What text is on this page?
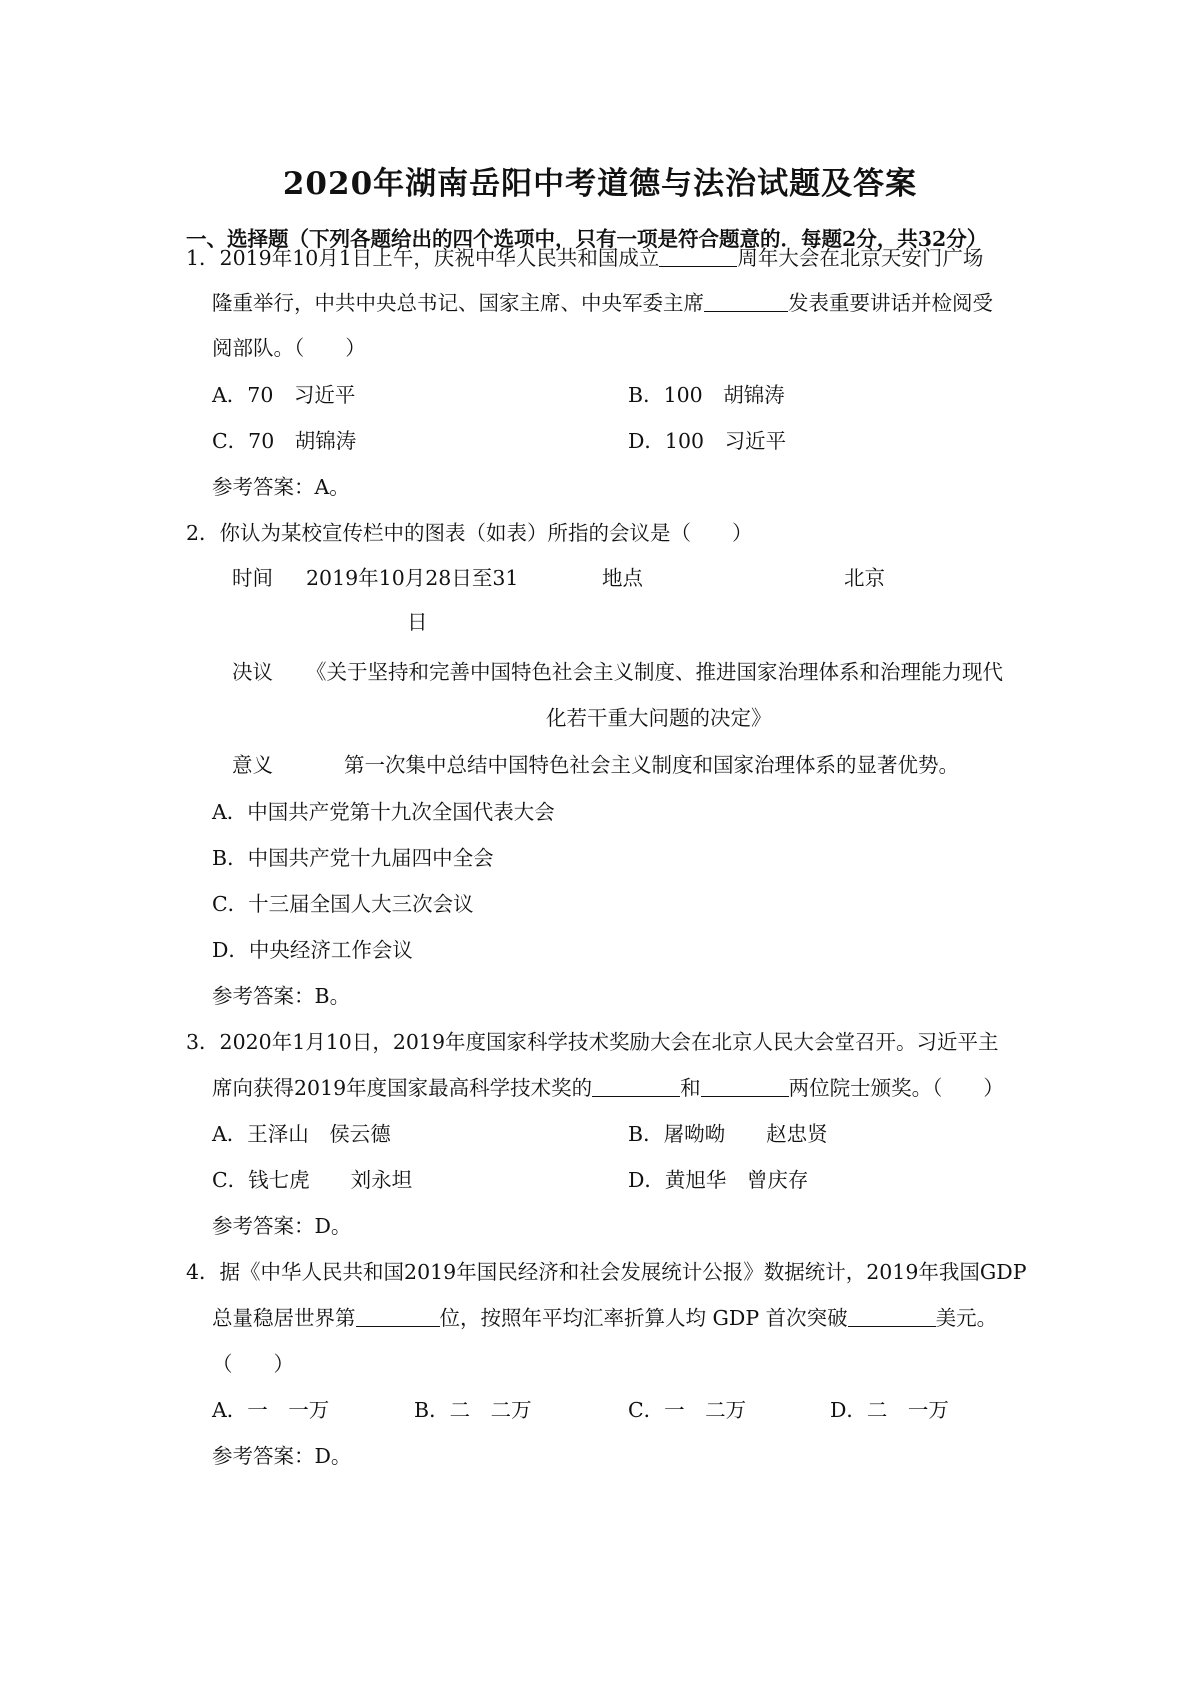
2020年湖南岳阳中考道德与法治试题及答案
一、选择题（下列各题给出的四个选项中，只有一项是符合题意的．每题2分，共32分）
1．2019年10月1日上午，庆祝中华人民共和国成立	周年大会在北京天安门广场
隆重举行，中共中央总书记、国家主席、中央军委主席	发表重要讲话并检阅受
阅部队。（　　）
A．70　习近平	B．100　胡锦涛
C．70　胡锦涛	D．100　习近平
参考答案：A。
2．你认为某校宣传栏中的图表（如表）所指的会议是（　　）
时间 2019年10月28日至31	地点	北京
日
决议 《关于坚持和完善中国特色社会主义制度、推进国家治理体系和治理能力现代
化若干重大问题的决定》
意义	第一次集中总结中国特色社会主义制度和国家治理体系的显著优势。
A．中国共产党第十九次全国代表大会
B．中国共产党十九届四中全会
C．十三届全国人大三次会议
D．中央经济工作会议
参考答案：B。
3．2020年1月10日，2019年度国家科学技术奖励大会在北京人民大会堂召开。习近平主
席向获得2019年度国家最高科学技术奖的	和	两位院士颁奖。（　　）
A．王泽山　侯云德	B．屠呦呦　　赵忠贤
C．钱七虎　　刘永坦	D．黄旭华　曾庆存
参考答案：D。
4．据《中华人民共和国2019年国民经济和社会发展统计公报》数据统计，2019年我国GDP
总量稳居世界第	位，按照年平均汇率折算人均 GDP 首次突破	美元。
（　　）
A．一　一万	B．二　二万	C．一　二万	D．二　一万
参考答案：D。
